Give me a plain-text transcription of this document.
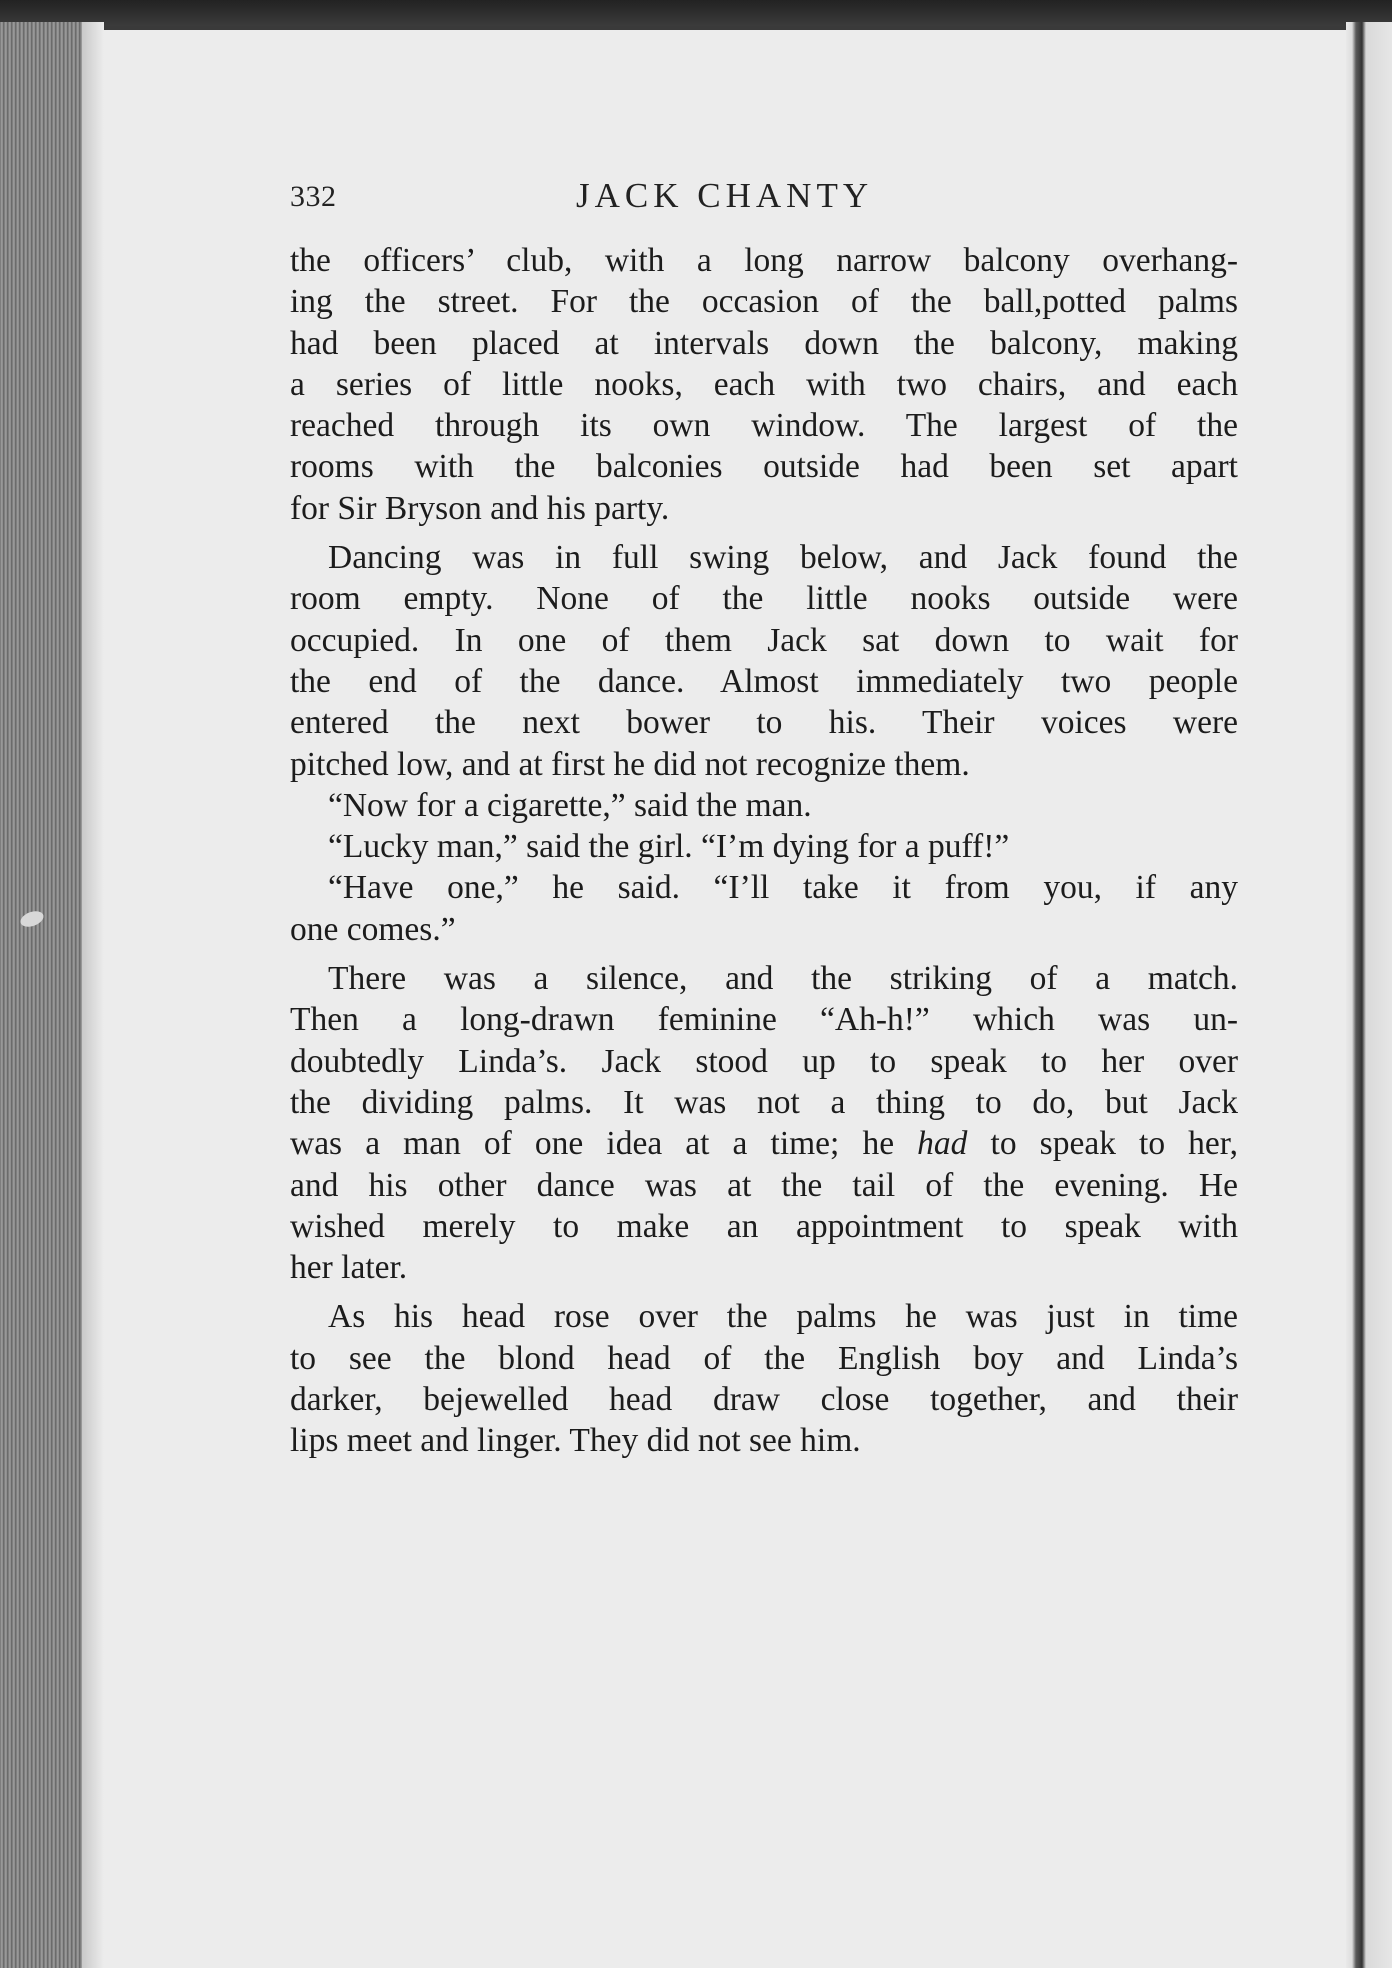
332	JACK CHANTY
the officers’ club, with a long narrow balcony overhang-
ing the street. For the occasion of the ball,potted palms
had been placed at intervals down the balcony, making
a series of little nooks, each with two chairs, and each
reached through its own window. The largest of the
rooms with the balconies outside had been set apart
for Sir Bryson and his party.
Dancing was in full swing below, and Jack found the
room empty. None of the little nooks outside were
occupied. In one of them Jack sat down to wait for
the end of the dance. Almost immediately two people
entered the next bower to his. Their voices were
pitched low, and at first he did not recognize them.
“Now for a cigarette,” said the man.
“Lucky man,” said the girl. “I’m dying for a puff!”
“Have one,” he said. “I’ll take it from you, if any
one comes.”
There was a silence, and the striking of a match.
Then a long-drawn feminine “Ah-h!” which was un-
doubtedly Linda’s. Jack stood up to speak to her over
the dividing palms. It was not a thing to do, but Jack
was a man of one idea at a time; he had to speak to her,
and his other dance was at the tail of the evening. He
wished merely to make an appointment to speak with
her later.
As his head rose over the palms he was just in time
to see the blond head of the English boy and Linda’s
darker, bejewelled head draw close together, and their
lips meet and linger. They did not see him.
